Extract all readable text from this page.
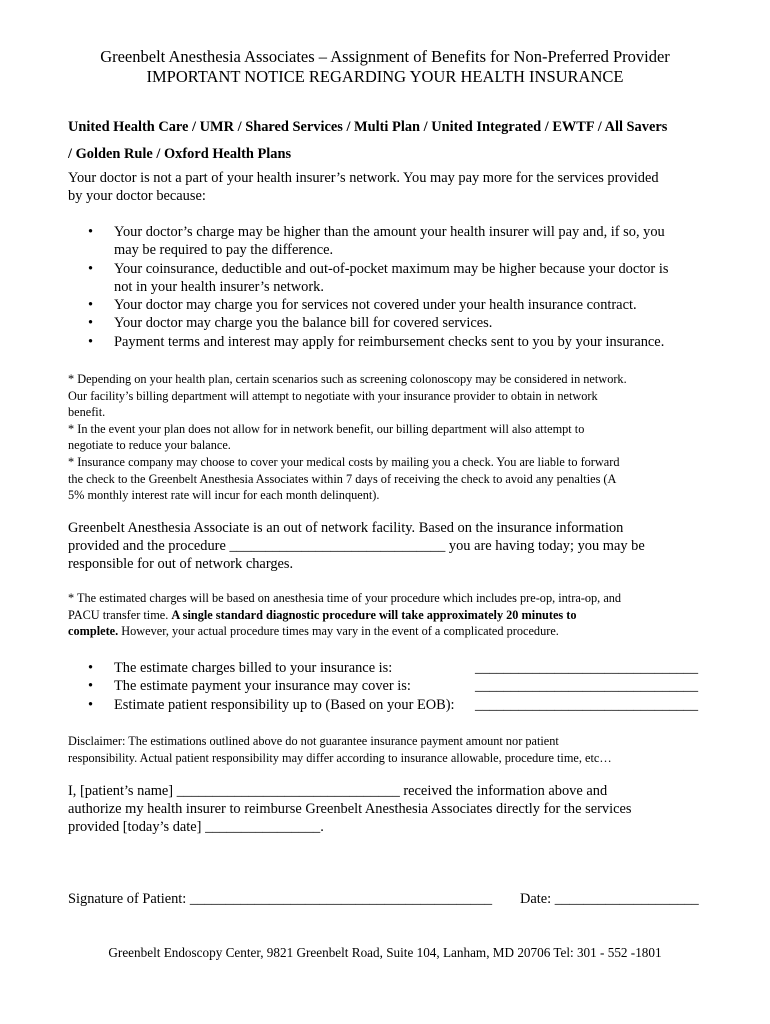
Greenbelt Anesthesia Associates – Assignment of Benefits for Non-Preferred Provider
IMPORTANT NOTICE REGARDING YOUR HEALTH INSURANCE
United Health Care / UMR / Shared Services / Multi Plan / United Integrated / EWTF / All Savers
/ Golden Rule / Oxford Health Plans
Your doctor is not a part of your health insurer’s network. You may pay more for the services provided
by your doctor because:
• Your doctor’s charge may be higher than the amount your health insurer will pay and, if so, you
may be required to pay the difference.
• Your coinsurance, deductible and out-of-pocket maximum may be higher because your doctor is
not in your health insurer’s network.
• Your doctor may charge you for services not covered under your health insurance contract.
• Your doctor may charge you the balance bill for covered services.
• Payment terms and interest may apply for reimbursement checks sent to you by your insurance.
* Depending on your health plan, certain scenarios such as screening colonoscopy may be considered in network.
Our facility’s billing department will attempt to negotiate with your insurance provider to obtain in network
benefit.
* In the event your plan does not allow for in network benefit, our billing department will also attempt to
negotiate to reduce your balance.
* Insurance company may choose to cover your medical costs by mailing you a check. You are liable to forward
the check to the Greenbelt Anesthesia Associates within 7 days of receiving the check to avoid any penalties (A
5% monthly interest rate will incur for each month delinquent).
Greenbelt Anesthesia Associate is an out of network facility. Based on the insurance information
provided and the procedure ______________________________ you are having today; you may be
responsible for out of network charges.
* The estimated charges will be based on anesthesia time of your procedure which includes pre-op, intra-op, and
PACU transfer time. A single standard diagnostic procedure will take approximately 20 minutes to
complete. However, your actual procedure times may vary in the event of a complicated procedure.
• The estimate charges billed to your insurance is:	_______________________________
• The estimate payment your insurance may cover is:	_______________________________
• Estimate patient responsibility up to (Based on your EOB): _______________________________
Disclaimer: The estimations outlined above do not guarantee insurance payment amount nor patient
responsibility. Actual patient responsibility may differ according to insurance allowable, procedure time, etc…
I, [patient’s name] _______________________________ received the information above and
authorize my health insurer to reimburse Greenbelt Anesthesia Associates directly for the services
provided [today’s date] ________________.
Signature of Patient: __________________________________________ Date: ____________________
Greenbelt Endoscopy Center, 9821 Greenbelt Road, Suite 104, Lanham, MD 20706 Tel: 301 - 552 -1801
